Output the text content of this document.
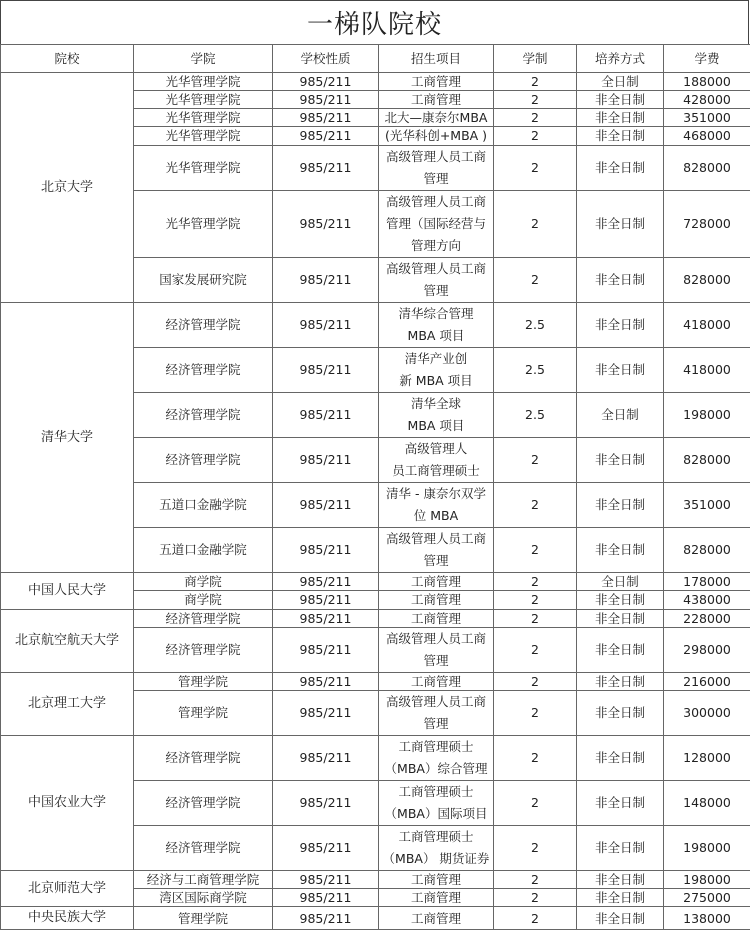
一梯队院校
院校	学院	学校性质	招生项目	学制	培养方式	学费
北京大学	光华管理学院	985/211	工商管理	2	全日制	188000
	光华管理学院	985/211	工商管理	2	非全日制	428000
	光华管理学院	985/211	北大—康奈尔MBA	2	非全日制	351000
	光华管理学院	985/211	(光华科创+MBA )	2	非全日制	468000
	光华管理学院	985/211	高级管理人员工商
管理	2	非全日制	828000
	光华管理学院	985/211	高级管理人员工商
管理（国际经营与
管理方向	2	非全日制	728000
	国家发展研究院	985/211	高级管理人员工商
管理	2	非全日制	828000
清华大学	经济管理学院	985/211	清华综合管理
MBA 项目	2.5	非全日制	418000
	经济管理学院	985/211	清华产业创
新 MBA 项目	2.5	非全日制	418000
	经济管理学院	985/211	清华全球
MBA 项目	2.5	全日制	198000
	经济管理学院	985/211	高级管理人
员工商管理硕士	2	非全日制	828000
	五道口金融学院	985/211	清华 - 康奈尔双学
位 MBA	2	非全日制	351000
	五道口金融学院	985/211	高级管理人员工商
管理	2	非全日制	828000
中国人民大学	商学院	985/211	工商管理	2	全日制	178000
	商学院	985/211	工商管理	2	非全日制	438000
北京航空航天大学	经济管理学院	985/211	工商管理	2	非全日制	228000
	经济管理学院	985/211	高级管理人员工商
管理	2	非全日制	298000
北京理工大学	管理学院	985/211	工商管理	2	非全日制	216000
	管理学院	985/211	高级管理人员工商
管理	2	非全日制	300000
中国农业大学	经济管理学院	985/211	工商管理硕士
（MBA）综合管理	2	非全日制	128000
	经济管理学院	985/211	工商管理硕士
（MBA）国际项目	2	非全日制	148000
	经济管理学院	985/211	工商管理硕士
（MBA） 期货证券	2	非全日制	198000
北京师范大学	经济与工商管理学院	985/211	工商管理	2	非全日制	198000
	湾区国际商学院	985/211	工商管理	2	非全日制	275000
中央民族大学	管理学院	985/211	工商管理	2	非全日制	138000
